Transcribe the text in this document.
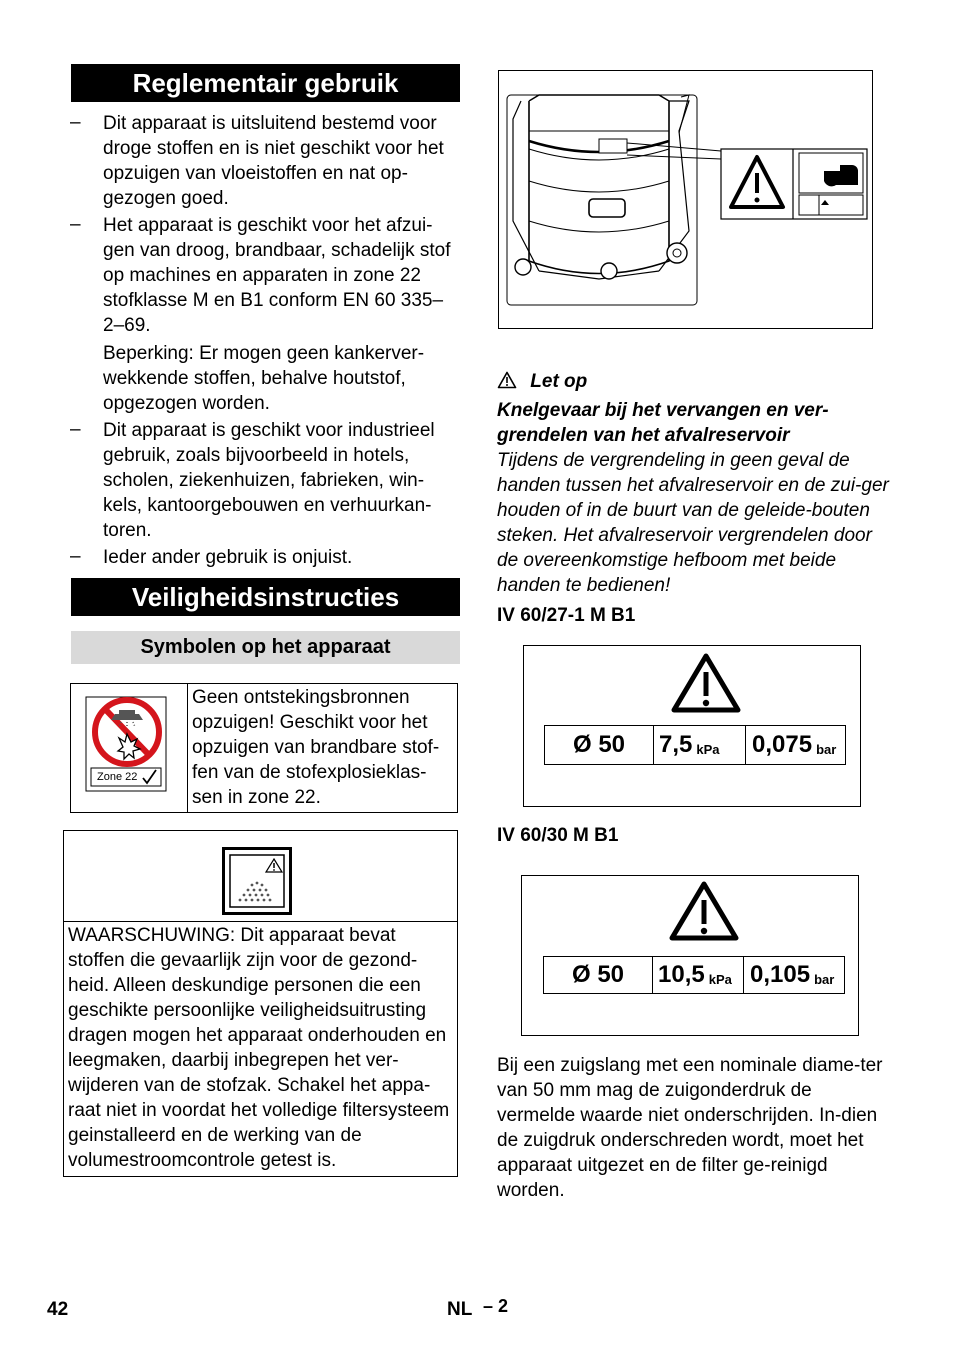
Reglementair gebruik
– Dit apparaat is uitsluitend bestemd voor droge stoffen en is niet geschikt voor het opzuigen van vloeistoffen en nat op-gezogen goed.
– Het apparaat is geschikt voor het afzui-gen van droog, brandbaar, schadelijk stof op machines en apparaten in zone 22 stofklasse M en B1 conform EN 60 335–2–69.
Beperking: Er mogen geen kankerver-wekkende stoffen, behalve houtstof, opgezogen worden.
– Dit apparaat is geschikt voor industrieel gebruik, zoals bijvoorbeeld in hotels, scholen, ziekenhuizen, fabrieken, win-kels, kantoorgebouwen en verhuurkan-toren.
– Ieder ander gebruik is onjuist.
Veiligheidsinstructies
Symbolen op het apparaat
Zone 22
Geen ontstekingsbronnen opzuigen! Geschikt voor het opzuigen van brandbare stof-fen van de stofexplosieklas-sen in zone 22.
WAARSCHUWING: Dit apparaat bevat stoffen die gevaarlijk zijn voor de gezond-heid. Alleen deskundige personen die een geschikte persoonlijke veiligheidsuitrusting dragen mogen het apparaat onderhouden en leegmaken, daarbij inbegrepen het ver-wijderen van de stofzak. Schakel het appa-raat niet in voordat het volledige filtersysteem geinstalleerd en de werking van de volumestroomcontrole getest is.
Let op
Knelgevaar bij het vervangen en ver-grendelen van het afvalreservoir
Tijdens de vergrendeling in geen geval de handen tussen het afvalreservoir en de zui-ger houden of in de buurt van de geleide-bouten steken. Het afvalreservoir vergrendelen door de overeenkomstige hefboom met beide handen te bedienen!
IV 60/27-1 M B1
Ø 50	7,5 kPa 0,075 bar
IV 60/30 M B1
Ø 50	10,5 kPa 0,105 bar
Bij een zuigslang met een nominale diame-ter van 50 mm mag de zuigonderdruk de vermelde waarde niet onderschrijden. In-dien de zuigdruk onderschreden wordt, moet het apparaat uitgezet en de filter ge-reinigd worden.
42	NL – 2
